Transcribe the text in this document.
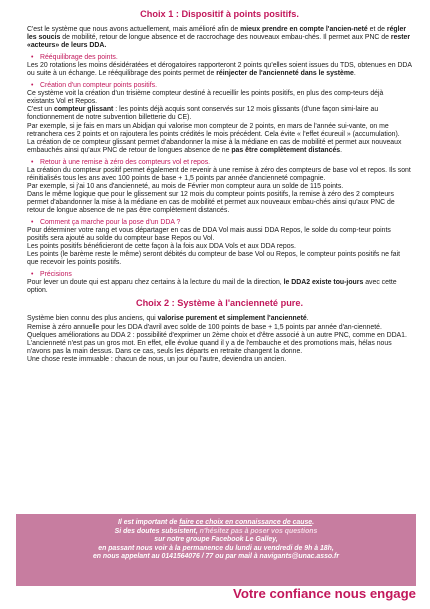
Choix 1 : Dispositif à points positifs.

C'est le système que nous avons actuellement, mais amélioré afin de mieux prendre en compte l'ancien-neté et de régler les soucis de mobilité, retour de longue absence et de raccrochage des nouveaux embau-chés. Il permet aux PNC de rester «acteurs» de leurs DDA.

• Rééquilibrage des points.

Les 20 rotations les moins désidératées et dérogatoires rapporteront 2 points qu'elles soient issues du TDS, obtenues en DDA ou suite à un échange. Le rééquilibrage des points permet de réinjecter de l'ancienneté dans le système.

• Création d'un compteur points positifs.

Ce système voit la création d'un trisième compteur destiné à recueillir les points positifs, en plus des comp-teurs déjà existants Vol et Repos.

C'est un compteur glissant : les points déjà acquis sont conservés sur 12 mois glissants (d'une façon simi-laire au fonctionnement de notre subvention billetterie du CE).

Par exemple, si je fais en mars un Abidjan qui valorise mon compteur de 2 points, en mars de l'année sui-vante, on me retranchera ces 2 points et on rajoutera les points crédités le mois précédent. Cela évite « l'effet écureuil » (accumulation).

La création de ce compteur glissant permet d'abandonner la mise à la médiane en cas de mobilité et permet aux nouveaux embauchés ainsi qu'aux PNC de retour de longues absence de ne pas être complètement distancés.

• Retour à une remise à zéro des compteurs vol et repos.

La création du compteur positif permet également de revenir à une remise à zéro des compteurs de base vol et repos. Ils sont réinitialisés tous les ans avec 100 points de base + 1,5 points par année d'ancienneté compagnie.

Par exemple, si j'ai 10 ans d'ancienneté, au mois de Février mon compteur aura un solde de 115 points.

Dans le même logique que pour le glissement sur 12 mois du compteur points positifs, la remise à zéro des 2 compteurs permet d'abandonner la mise à la médiane en cas de mobilité et permet aux nouveaux embau-chés ainsi qu'aux PNC de retour de longue absence de ne pas être complètement distancés.

• Comment ça marche pour la pose d'un DDA ?

Pour déterminer votre rang et vous départager en cas de DDA Vol mais aussi DDA Repos, le solde du comp-teur points positifs sera ajouté au solde du compteur base Repos ou Vol.

Les points positifs bénéficieront de cette façon à la fois aux DDA Vols et aux DDA repos.

Les points (le barème reste le même) seront débités du compteur de base Vol ou Repos, le compteur points positifs ne fait que recevoir les points positifs.

• Précisions

Pour lever un doute qui est apparu chez certains à la lecture du mail de la direction, le DDA2 existe tou-jours avec cette option.

Choix 2 : Système à l'ancienneté pure.

Système bien connu des plus anciens, qui valorise purement et simplement l'ancienneté.

Remise à zéro annuelle pour les DDA d'avril avec solde de 100 points de base + 1,5 points par année d'an-cienneté.

Quelques améliorations au DDA 2 : possibilité d'exprimer un 2ème choix et d'être associé à un autre PNC, comme en DDA1.

L'ancienneté n'est pas un gros mot. En effet, elle évolue quand il y a de l'embauche et des promotions mais, hélas nous n'avons pas la main dessus. Dans ce cas, seuls les départs en retraite changent la donne.

Une chose reste immuable : chacun de nous, un jour ou l'autre, deviendra un ancien.

Il est important de faire ce choix en connaissance de cause.
Si des doutes subsistent, n'hésitez pas à poser vos questions
sur notre groupe Facebook Le Galley,
en passant nous voir à la permanence du lundi au vendredi de 9h à 18h,
en nous appelant au 0141564076 / 77 ou par mail à navigants@unac.asso.fr
Votre confiance nous engage
